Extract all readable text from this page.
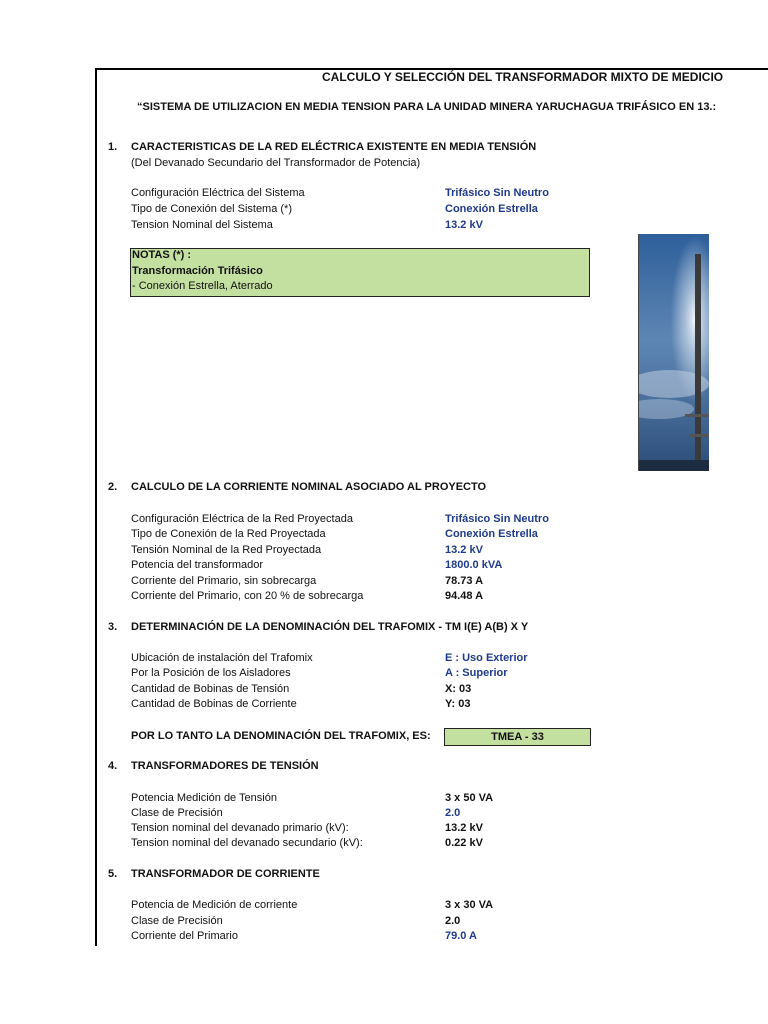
CALCULO Y SELECCIÓN DEL TRANSFORMADOR MIXTO DE MEDICIO
“SISTEMA DE UTILIZACION EN MEDIA TENSION PARA LA UNIDAD MINERA YARUCHAGUA TRIFÁSICO EN 13.:
1. CARACTERISTICAS DE LA RED ELÉCTRICA EXISTENTE EN MEDIA TENSIÓN
(Del Devanado Secundario del Transformador de Potencia)
Configuración Eléctrica del Sistema	Trifásico Sin Neutro
Tipo de Conexión del Sistema (*)	Conexión Estrella
Tension Nominal del Sistema	13.2 kV
NOTAS (*) :
Transformación Trifásico
- Conexión Estrella, Aterrado
2. CALCULO DE LA CORRIENTE NOMINAL ASOCIADO AL PROYECTO
Configuración Eléctrica de la Red Proyectada	Trifásico Sin Neutro
Tipo de Conexión de la Red Proyectada	Conexión Estrella
Tensión Nominal de la Red Proyectada	13.2 kV
Potencia del transformador	1800.0 kVA
Corriente del Primario, sin sobrecarga	78.73 A
Corriente del Primario, con 20 % de sobrecarga	94.48 A
3. DETERMINACIÓN DE LA DENOMINACIÓN DEL TRAFOMIX - TM I(E) A(B) X Y
Ubicación de instalación del Trafomix	E : Uso Exterior
Por la Posición de los Aisladores	A : Superior
Cantidad de Bobinas de Tensión	X: 03
Cantidad de Bobinas de Corriente	Y: 03
POR LO TANTO LA DENOMINACIÓN DEL TRAFOMIX, ES:	TMEA - 33
4. TRANSFORMADORES DE TENSIÓN
Potencia Medición de Tensión	3 x 50 VA
Clase de Precisión	2.0
Tension nominal del devanado primario (kV):	13.2 kV
Tension nominal del devanado secundario (kV):	0.22 kV
5. TRANSFORMADOR DE CORRIENTE
Potencia de Medición de corriente	3 x 30 VA
Clase de Precisión	2.0
Corriente del Primario	79.0 A
